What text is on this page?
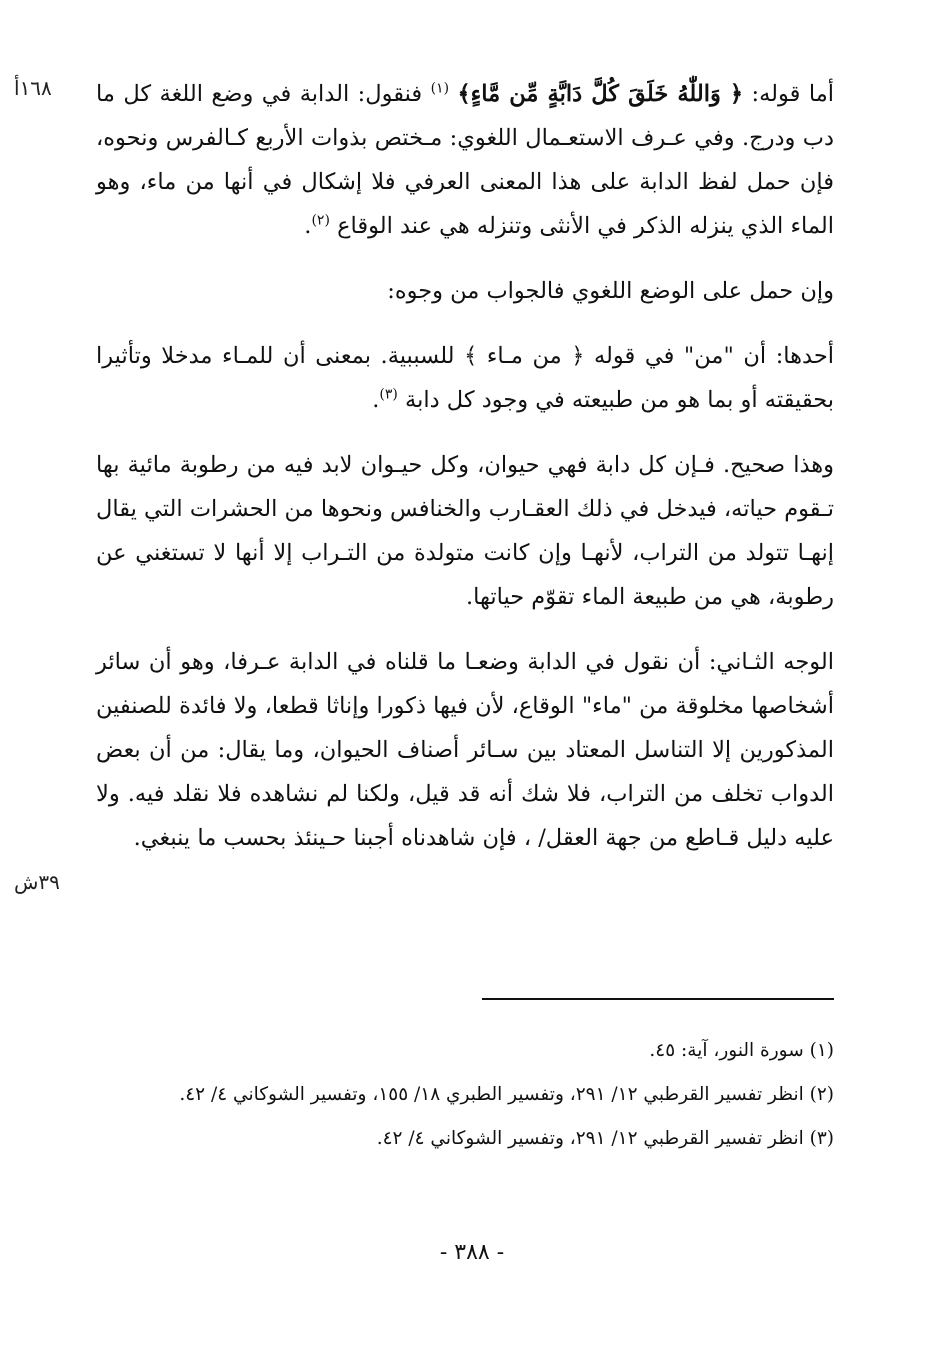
١٦٨أ
٣٩ش

أما قوله: ﴿ وَاللّٰهُ خَلَقَ كُلَّ دَابَّةٍ مِّن مَّاءٍ﴾ $^{(١)}$ فنقول: الدابة في وضع اللغة كل ما دب ودرج. وفي عـرف الاستعـمال اللغوي: مـختص بذوات الأربع كـالفرس ونحوه، فإن حمل لفظ الدابة على هذا المعنى العرفي فلا إشكال في أنها من ماء، وهو الماء الذي ينزله الذكر في الأنثى وتنزله هي عند الوقاع $^{(٢)}$.

وإن حمل على الوضع اللغوي فالجواب من وجوه:

أحدها: أن "من" في قوله ﴿ من مـاء ﴾ للسببية. بمعنى أن للمـاء مدخلا وتأثيرا بحقيقته أو بما هو من طبيعته في وجود كل دابة $^{(٣)}$.

وهذا صحيح. فـإن كل دابة فهي حيوان، وكل حيـوان لابد فيه من رطوبة مائية بها تـقوم حياته، فيدخل في ذلك العقـارب والخنافس ونحوها من الحشرات التي يقال إنهـا تتولد من التراب، لأنهـا وإن كانت متولدة من التـراب إلا أنها لا تستغني عن رطوبة، هي من طبيعة الماء تقوّم حياتها.

الوجه الثـاني: أن نقول في الدابة وضعـا ما قلناه في الدابة عـرفا، وهو أن سائر أشخاصها مخلوقة من "ماء" الوقاع، لأن فيها ذكورا وإناثا قطعا، ولا فائدة للصنفين المذكورين إلا التناسل المعتاد بين سـائر أصناف الحيوان، وما يقال: من أن بعض الدواب تخلف من التراب، فلا شك أنه قد قيل، ولكنا لم نشاهده فلا نقلد فيه. ولا عليه دليل قـاطع من جهة العقل/ ، فإن شاهدناه أجبنا حـينئذ بحسب ما ينبغي.

(١) سورة النور، آية: ٤٥.
(٢) انظر تفسير القرطبي ١٢/ ٢٩١، وتفسير الطبري ١٨/ ١٥٥، وتفسير الشوكاني ٤/ ٤٢.
(٣) انظر تفسير القرطبي ١٢/ ٢٩١، وتفسير الشوكاني ٤/ ٤٢.
- ٣٨٨ -
